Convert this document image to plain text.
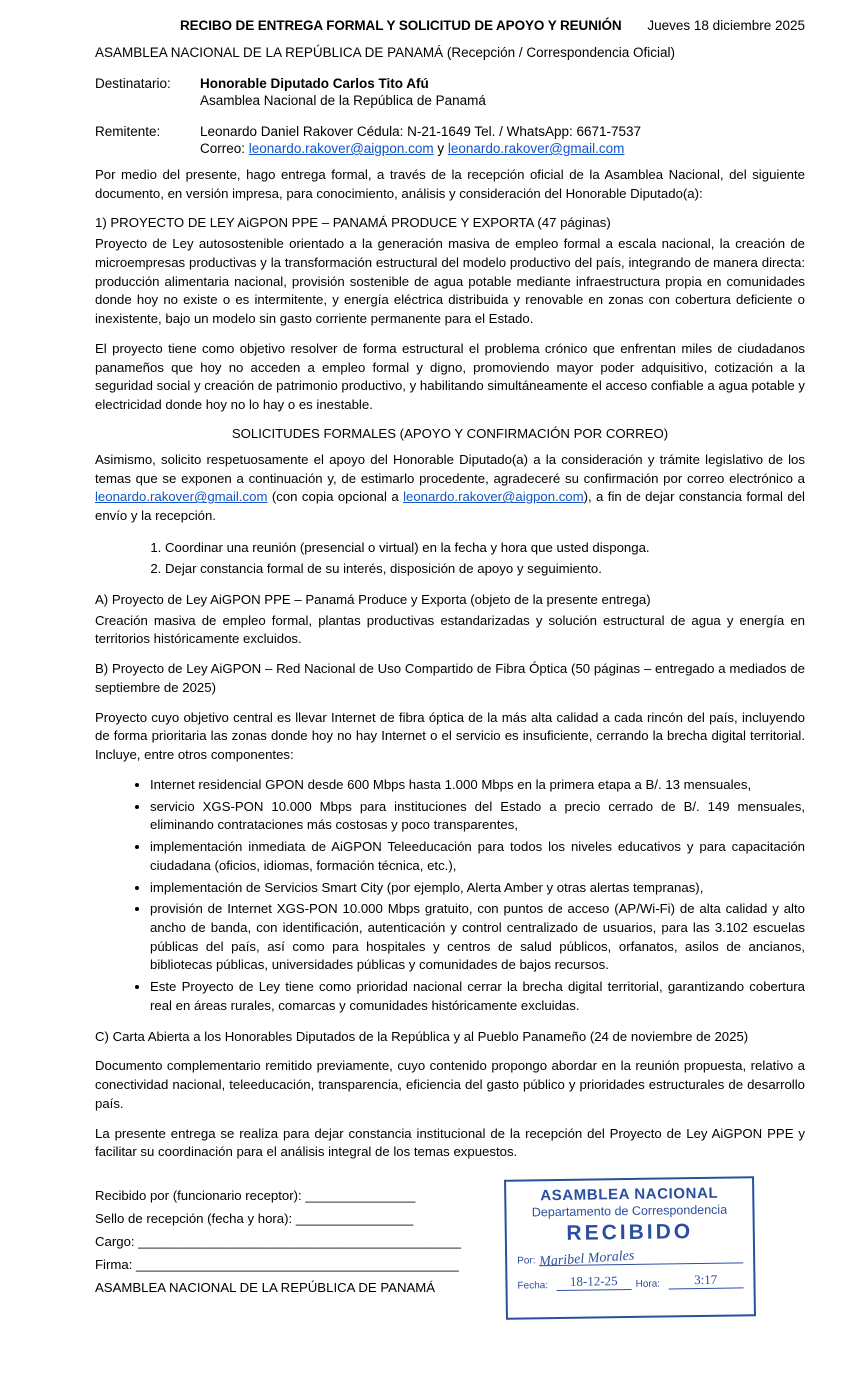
RECIBO DE ENTREGA FORMAL Y SOLICITUD DE APOYO Y REUNIÓN Jueves 18 diciembre 2025
ASAMBLEA NACIONAL DE LA REPÚBLICA DE PANAMÁ (Recepción / Correspondencia Oficial)
Destinatario:	Honorable Diputado Carlos Tito Afú
Asamblea Nacional de la República de Panamá
Remitente:	Leonardo Daniel Rakover Cédula: N-21-1649 Tel. / WhatsApp: 6671-7537
Correo: leonardo.rakover@aigpon.com y leonardo.rakover@gmail.com

Por medio del presente, hago entrega formal, a través de la recepción oficial de la Asamblea Nacional, del siguiente documento, en versión impresa, para conocimiento, análisis y consideración del Honorable Diputado(a):

1) PROYECTO DE LEY AiGPON PPE – PANAMÁ PRODUCE Y EXPORTA (47 páginas)

Proyecto de Ley autosostenible orientado a la generación masiva de empleo formal a escala nacional, la creación de microempresas productivas y la transformación estructural del modelo productivo del país, integrando de manera directa: producción alimentaria nacional, provisión sostenible de agua potable mediante infraestructura propia en comunidades donde hoy no existe o es intermitente, y energía eléctrica distribuida y renovable en zonas con cobertura deficiente o inexistente, bajo un modelo sin gasto corriente permanente para el Estado.

El proyecto tiene como objetivo resolver de forma estructural el problema crónico que enfrentan miles de ciudadanos panameños que hoy no acceden a empleo formal y digno, promoviendo mayor poder adquisitivo, cotización a la seguridad social y creación de patrimonio productivo, y habilitando simultáneamente el acceso confiable a agua potable y electricidad donde hoy no lo hay o es inestable.

SOLICITUDES FORMALES (APOYO Y CONFIRMACIÓN POR CORREO)

Asimismo, solicito respetuosamente el apoyo del Honorable Diputado(a) a la consideración y trámite legislativo de los temas que se exponen a continuación y, de estimarlo procedente, agradeceré su confirmación por correo electrónico a leonardo.rakover@gmail.com (con copia opcional a leonardo.rakover@aigpon.com), a fin de dejar constancia formal del envío y la recepción.

1. Coordinar una reunión (presencial o virtual) en la fecha y hora que usted disponga.
2. Dejar constancia formal de su interés, disposición de apoyo y seguimiento.

A) Proyecto de Ley AiGPON PPE – Panamá Produce y Exporta (objeto de la presente entrega)

Creación masiva de empleo formal, plantas productivas estandarizadas y solución estructural de agua y energía en territorios históricamente excluidos.

B) Proyecto de Ley AiGPON – Red Nacional de Uso Compartido de Fibra Óptica (50 páginas – entregado a mediados de septiembre de 2025)

Proyecto cuyo objetivo central es llevar Internet de fibra óptica de la más alta calidad a cada rincón del país, incluyendo de forma prioritaria las zonas donde hoy no hay Internet o el servicio es insuficiente, cerrando la brecha digital territorial. Incluye, entre otros componentes:

• Internet residencial GPON desde 600 Mbps hasta 1.000 Mbps en la primera etapa a B/. 13 mensuales,
• servicio XGS-PON 10.000 Mbps para instituciones del Estado a precio cerrado de B/. 149 mensuales, eliminando contrataciones más costosas y poco transparentes,
• implementación inmediata de AiGPON Teleeducación para todos los niveles educativos y para capacitación ciudadana (oficios, idiomas, formación técnica, etc.),
• implementación de Servicios Smart City (por ejemplo, Alerta Amber y otras alertas tempranas),
• provisión de Internet XGS-PON 10.000 Mbps gratuito, con puntos de acceso (AP/Wi-Fi) de alta calidad y alto ancho de banda, con identificación, autenticación y control centralizado de usuarios, para las 3.102 escuelas públicas del país, así como para hospitales y centros de salud públicos, orfanatos, asilos de ancianos, bibliotecas públicas, universidades públicas y comunidades de bajos recursos.
• Este Proyecto de Ley tiene como prioridad nacional cerrar la brecha digital territorial, garantizando cobertura real en áreas rurales, comarcas y comunidades históricamente excluidas.

C) Carta Abierta a los Honorables Diputados de la República y al Pueblo Panameño (24 de noviembre de 2025)

Documento complementario remitido previamente, cuyo contenido propongo abordar en la reunión propuesta, relativo a conectividad nacional, teleeducación, transparencia, eficiencia del gasto público y prioridades estructurales de desarrollo país.

La presente entrega se realiza para dejar constancia institucional de la recepción del Proyecto de Ley AiGPON PPE y facilitar su coordinación para el análisis integral de los temas expuestos.

Recibido por (funcionario receptor): _______________
Sello de recepción (fecha y hora): ________________
Cargo: ____________________________________________
Firma: ____________________________________________
ASAMBLEA NACIONAL DE LA REPÚBLICA DE PANAMÁ
ASAMBLEA NACIONAL
Departamento de Correspondencia
RECIBIDO
Por: Maribel Morales
Fecha:	18-12-25	Hora:	3:17
